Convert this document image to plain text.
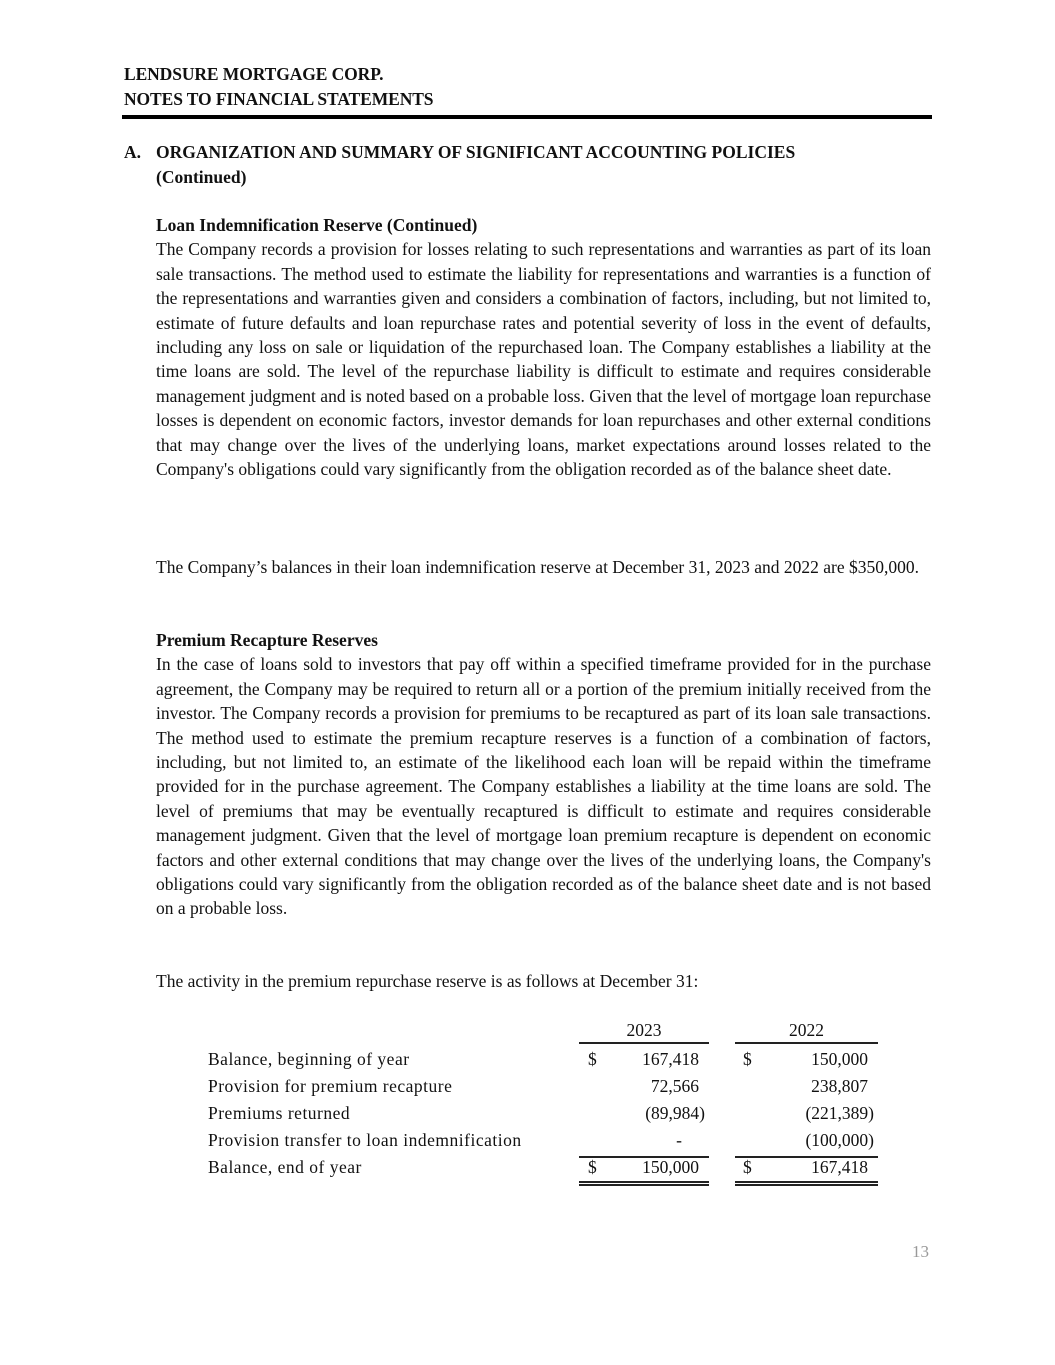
LENDSURE MORTGAGE CORP.
NOTES TO FINANCIAL STATEMENTS
A. ORGANIZATION AND SUMMARY OF SIGNIFICANT ACCOUNTING POLICIES
(Continued)
Loan Indemnification Reserve (Continued)

The Company records a provision for losses relating to such representations and warranties as part of its loan sale transactions. The method used to estimate the liability for representations and warranties is a function of the representations and warranties given and considers a combination of factors, including, but not limited to, estimate of future defaults and loan repurchase rates and potential severity of loss in the event of defaults, including any loss on sale or liquidation of the repurchased loan. The Company establishes a liability at the time loans are sold. The level of the repurchase liability is difficult to estimate and requires considerable management judgment and is noted based on a probable loss. Given that the level of mortgage loan repurchase losses is dependent on economic factors, investor demands for loan repurchases and other external conditions that may change over the lives of the underlying loans, market expectations around losses related to the Company's obligations could vary significantly from the obligation recorded as of the balance sheet date.

The Company’s balances in their loan indemnification reserve at December 31, 2023 and 2022 are $350,000.

Premium Recapture Reserves

In the case of loans sold to investors that pay off within a specified timeframe provided for in the purchase agreement, the Company may be required to return all or a portion of the premium initially received from the investor. The Company records a provision for premiums to be recaptured as part of its loan sale transactions. The method used to estimate the premium recapture reserves is a function of a combination of factors, including, but not limited to, an estimate of the likelihood each loan will be repaid within the timeframe provided for in the purchase agreement. The Company establishes a liability at the time loans are sold. The level of premiums that may be eventually recaptured is difficult to estimate and requires considerable management judgment. Given that the level of mortgage loan premium recapture is dependent on economic factors and other external conditions that may change over the lives of the underlying loans, the Company's obligations could vary significantly from the obligation recorded as of the balance sheet date and is not based on a probable loss.

The activity in the premium repurchase reserve is as follows at December 31:

2023	2022
Balance, beginning of year	$	167,418	$	150,000
Provision for premium recapture	72,566	238,807
Premiums returned	(89,984)	(221,389)
Provision transfer to loan indemnification	-	(100,000)
Balance, end of year	$	150,000	$	167,418
13
